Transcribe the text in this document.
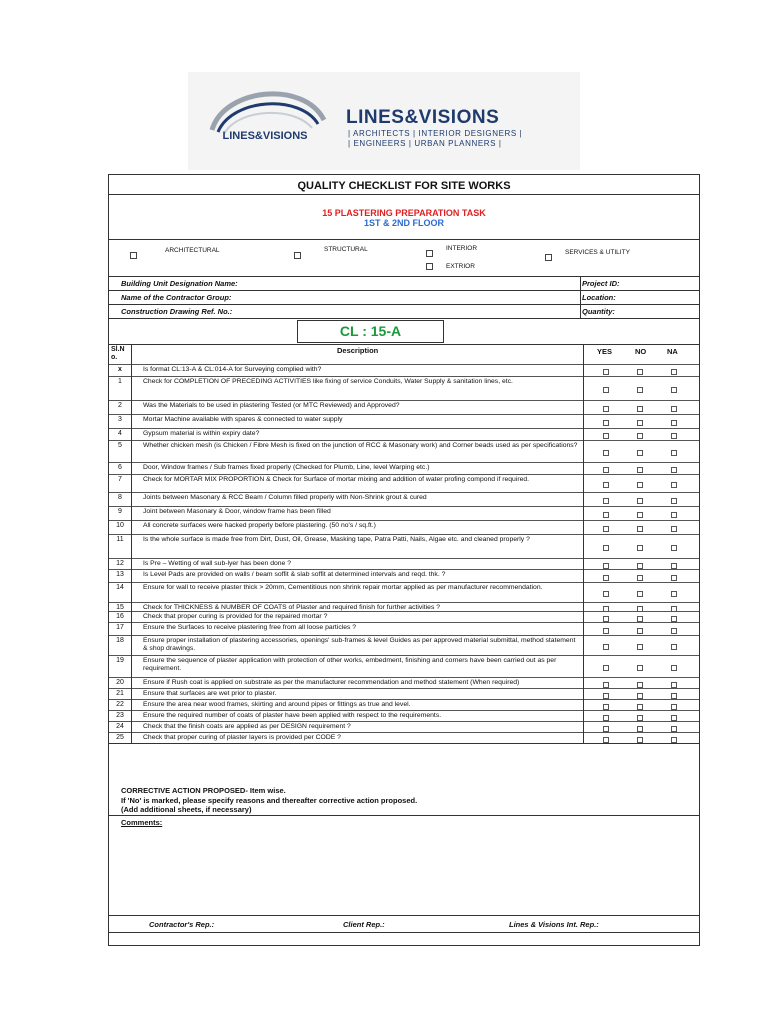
LINES&VISIONS
LINES&VISIONS
| ARCHITECTS | INTERIOR DESIGNERS |
| ENGINEERS | URBAN PLANNERS |
QUALITY CHECKLIST FOR SITE WORKS
15 PLASTERING PREPARATION TASK
1ST & 2ND FLOOR
ARCHITECTURAL	STRUCTURAL	INTERIOR
EXTRIOR
SERVICES & UTILITY
Building Unit Designation Name:	Project ID:
Name of the Contractor Group:	Location:
Construction Drawing Ref. No.:	Quantity:
CL : 15-A
Sl.N o.
Description	YES	NO	NA
x	Is format CL:13-A & CL:014-A for Surveying complied with?
1	Check for COMPLETION OF PRECEDING ACTIVITIES like fixing of service Conduits, Water Supply & sanitation lines, etc.
2	Was the Materials to be used in plastering Tested (or MTC Reviewed) and Approved?
3	Mortar Machine available with spares & connected to water supply
4	Gypsum material is within expiry date?
5	Whether chicken mesh (is Chicken / Fibre Mesh is fixed on the junction of RCC & Masonary work) and Corner beads used as per specifications?
6	Door, Window frames / Sub frames fixed properly (Checked for Plumb, Line, level Warping etc.)
7	Check for MORTAR MIX PROPORTION & Check for Surface of mortar mixing and addition of water profing compond if required.
8	Joints between Masonary & RCC Beam / Column filled properly with Non-Shrink grout & cured
9	Joint between Masonary & Door, window frame has been filled
10	All concrete surfaces were hacked properly before plastering. (50 no's / sq.ft.)
11	Is the whole surface is made free from Dirt, Dust, Oil, Grease, Masking tape, Patra Patti, Nails, Algae etc. and cleaned properly ?
12	Is Pre – Wetting of wall sub-lyer has been done ?
13	Is Level Pads are provided on walls / beam soffit & slab soffit at determined intervals and reqd. thk. ?
14	Ensure for wall to receive plaster thick > 20mm, Cementitious non shrink repair mortar applied as per manufacturer recommendation.
15	Check for THICKNESS & NUMBER OF COATS of Plaster and required finish for further activities ?
16	Check that proper curing is provided for the repaired mortar ?
17	Ensure the Surfaces to receive plastering free from all loose particles ?
18	Ensure proper installation of plastering accessories, openings' sub-frames & level Guides as per approved material submittal, method statement & shop drawings.
19	Ensure the sequence of plaster application with protection of other works, embedment, finishing and corners have been carried out as per requirement.
20	Ensure if Rush coat is applied on substrate as per the manufacturer recommendation and method statement (When required)
21	Ensure that surfaces are wet prior to plaster.
22	Ensure the area near wood frames, skirting and around pipes or fittings as true and level.
23	Ensure the required number of coats of plaster have been applied with respect to the requirements.
24	Check that the finish coats are applied as per DESIGN requirement ?
25	Check that proper curing of plaster layers is provided per CODE ?
CORRECTIVE ACTION PROPOSED- Item wise.
If 'No' is marked, please specify reasons and thereafter corrective action proposed.
(Add additional sheets, if necessary)
Comments:
Contractor's Rep.:	Client Rep.:	Lines & Visions Int. Rep.:
